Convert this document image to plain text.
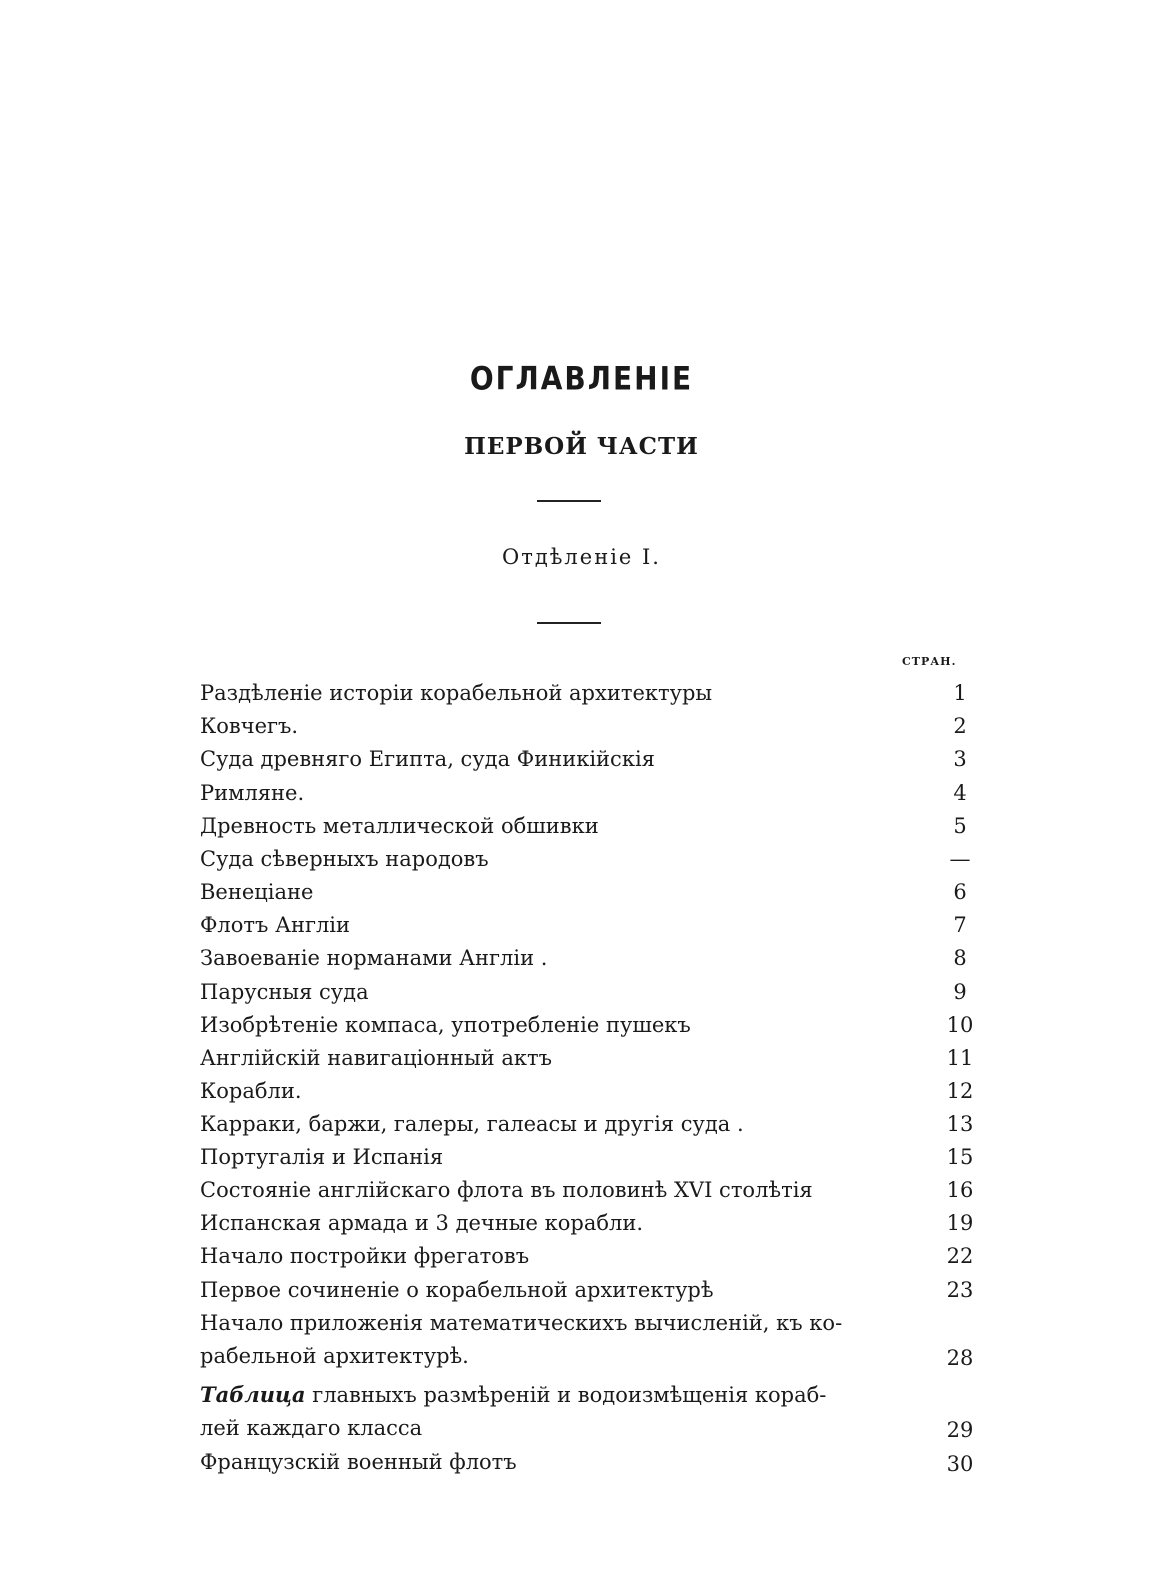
ОГЛАВЛЕНІЕ
ПЕРВОЙ ЧАСТИ
Отдѣленіе I.
СТРАН.
Раздѣленіе исторіи корабельной архитектуры	1
Ковчегъ.	2
Суда древняго Египта, суда Финикійскія	3
Римляне.	4
Древность металлической обшивки	5
Суда сѣверныхъ народовъ	—
Венеціане	6
Флотъ Англіи	7
Завоеваніе норманами Англіи .	8
Парусныя суда	9
Изобрѣтеніе компаса, употребленіе пушекъ	10
Англійскій навигаціонный актъ	11
Корабли.	12
Карраки, баржи, галеры, галеасы и другія суда .	13
Португалія и Испанія	15
Состояніе англійскаго флота въ половинѣ XVI столѣтія	16
Испанская армада и 3 дечные корабли.	19
Начало постройки фрегатовъ	22
Первое сочиненіе о корабельной архитектурѣ	23
Начало приложенія математическихъ вычисленій, къ ко-
рабельной архитектурѣ.	28
Таблица главныхъ размѣреній и водоизмѣщенія кораб-
лей каждаго класса	29
Французскій военный флотъ	30
